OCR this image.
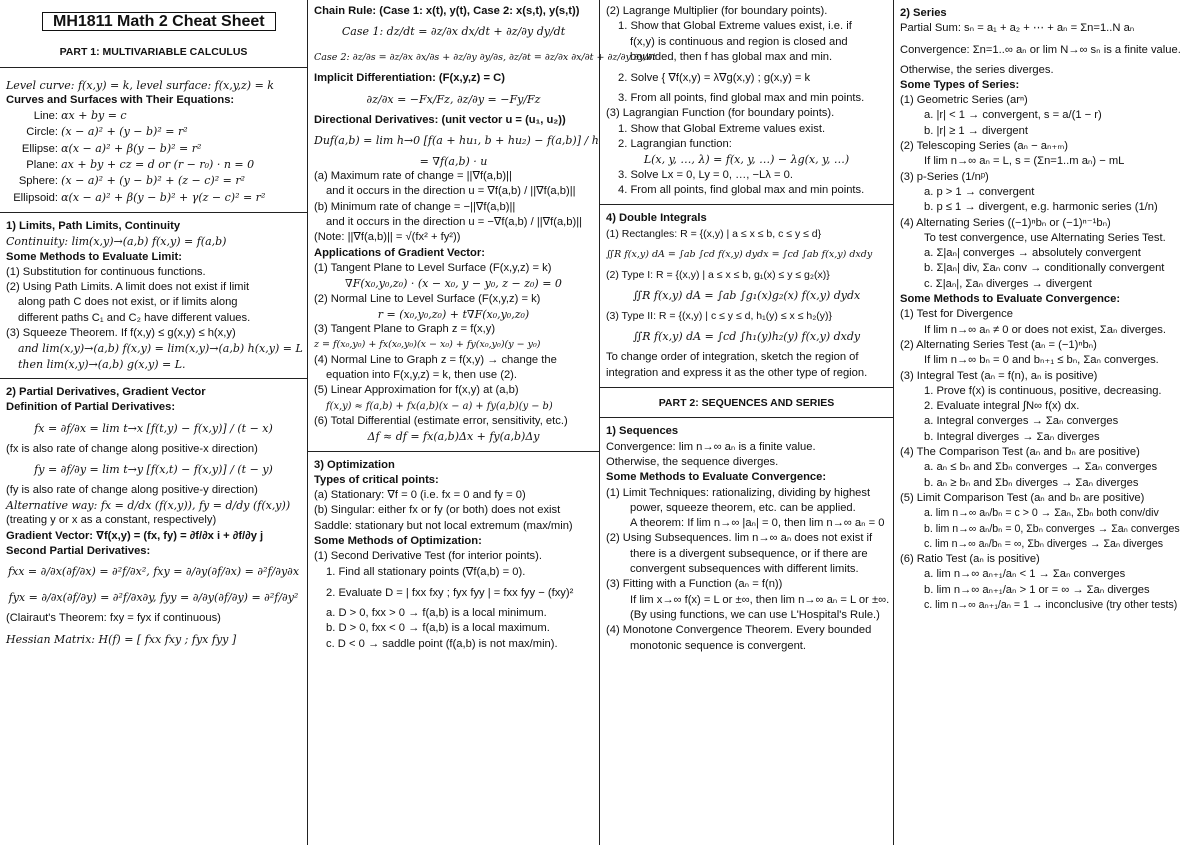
MH1811 Math 2 Cheat Sheet
PART 1: MULTIVARIABLE CALCULUS
Level curve: f(x,y) = k, level surface: f(x,y,z) = k
Curves and Surfaces with Their Equations:
Line: αx + by = c
Circle: (x − a)² + (y − b)² = r²
Ellipse: α(x − a)² + β(y − b)² = r²
Plane: ax + by + cz = d or (r − r₀) · n = 0
Sphere: (x − a)² + (y − b)² + (z − c)² = r²
Ellipsoid: α(x − a)² + β(y − b)² + γ(z − c)² = r²
1) Limits, Path Limits, Continuity
Continuity: lim(x,y)→(a,b) f(x,y) = f(a,b)
Some Methods to Evaluate Limit:
(1) Substitution for continuous functions.
(2) Using Path Limits. A limit does not exist if limit
along path C does not exist, or if limits along
different paths C₁ and C₂ have different values.
(3) Squeeze Theorem. If f(x,y) ≤ g(x,y) ≤ h(x,y)
and lim(x,y)→(a,b) f(x,y) = lim(x,y)→(a,b) h(x,y) = L
then lim(x,y)→(a,b) g(x,y) = L.
2) Partial Derivatives, Gradient Vector
Definition of Partial Derivatives:
fx = ∂f/∂x = lim t→x [f(t,y) − f(x,y)] / (t − x)
(fx is also rate of change along positive-x direction)
fy = ∂f/∂y = lim t→y [f(x,t) − f(x,y)] / (t − y)
(fy is also rate of change along positive-y direction)
Alternative way: fx = d/dx (f(x,y)), fy = d/dy (f(x,y))
(treating y or x as a constant, respectively)
Gradient Vector: ∇f(x,y) = (fx, fy) = ∂f/∂x i + ∂f/∂y j
Second Partial Derivatives:
fxx = ∂/∂x(∂f/∂x) = ∂²f/∂x², fxy = ∂/∂y(∂f/∂x) = ∂²f/∂y∂x
fyx = ∂/∂x(∂f/∂y) = ∂²f/∂x∂y, fyy = ∂/∂y(∂f/∂y) = ∂²f/∂y²
(Clairaut's Theorem: fxy = fyx if continuous)
Hessian Matrix: H(f) = [ fxx fxy ; fyx fyy ]
Chain Rule: (Case 1: x(t), y(t), Case 2: x(s,t), y(s,t))
Case 1: dz/dt = ∂z/∂x dx/dt + ∂z/∂y dy/dt
Case 2: ∂z/∂s = ∂z/∂x ∂x/∂s + ∂z/∂y ∂y/∂s, ∂z/∂t = ∂z/∂x ∂x/∂t + ∂z/∂y ∂y/∂t
Implicit Differentiation: (F(x,y,z) = C)
∂z/∂x = −Fx/Fz, ∂z/∂y = −Fy/Fz
Directional Derivatives: (unit vector u = (u₁, u₂))
Duf(a,b) = lim h→0 [f(a + hu₁, b + hu₂) − f(a,b)] / h
= ∇f(a,b) · u
(a) Maximum rate of change = ||∇f(a,b)||
and it occurs in the direction u = ∇f(a,b) / ||∇f(a,b)||
(b) Minimum rate of change = −||∇f(a,b)||
and it occurs in the direction u = −∇f(a,b) / ||∇f(a,b)||
(Note: ||∇f(a,b)|| = √(fx² + fy²))
Applications of Gradient Vector:
(1) Tangent Plane to Level Surface (F(x,y,z) = k)
∇F(x₀,y₀,z₀) · (x − x₀, y − y₀, z − z₀) = 0
(2) Normal Line to Level Surface (F(x,y,z) = k)
r = (x₀,y₀,z₀) + t∇F(x₀,y₀,z₀)
(3) Tangent Plane to Graph z = f(x,y)
z = f(x₀,y₀) + fx(x₀,y₀)(x − x₀) + fy(x₀,y₀)(y − y₀)
(4) Normal Line to Graph z = f(x,y) → change the
equation into F(x,y,z) = k, then use (2).
(5) Linear Approximation for f(x,y) at (a,b)
f(x,y) ≈ f(a,b) + fx(a,b)(x − a) + fy(a,b)(y − b)
(6) Total Differential (estimate error, sensitivity, etc.)
Δf ≈ df = fx(a,b)Δx + fy(a,b)Δy
3) Optimization
Types of critical points:
(a) Stationary: ∇f = 0 (i.e. fx = 0 and fy = 0)
(b) Singular: either fx or fy (or both) does not exist
Saddle: stationary but not local extremum (max/min)
Some Methods of Optimization:
(1) Second Derivative Test (for interior points).
1. Find all stationary points (∇f(a,b) = 0).
2. Evaluate D = | fxx fxy ; fyx fyy | = fxx fyy − (fxy)²
a. D > 0, fxx > 0 → f(a,b) is a local minimum.
b. D > 0, fxx < 0 → f(a,b) is a local maximum.
c. D < 0 → saddle point (f(a,b) is not max/min).
(2) Lagrange Multiplier (for boundary points).
1. Show that Global Extreme values exist, i.e. if
f(x,y) is continuous and region is closed and
bounded, then f has global max and min.
2. Solve { ∇f(x,y) = λ∇g(x,y) ; g(x,y) = k
3. From all points, find global max and min points.
(3) Lagrangian Function (for boundary points).
1. Show that Global Extreme values exist.
2. Lagrangian function:
L(x, y, …, λ) = f(x, y, …) − λg(x, y, …)
3. Solve Lx = 0, Ly = 0, …, −Lλ = 0.
4. From all points, find global max and min points.
4) Double Integrals
(1) Rectangles: R = {(x,y) | a ≤ x ≤ b, c ≤ y ≤ d}
∬R f(x,y) dA = ∫ab ∫cd f(x,y) dydx = ∫cd ∫ab f(x,y) dxdy
(2) Type I: R = {(x,y) | a ≤ x ≤ b, g₁(x) ≤ y ≤ g₂(x)}
∬R f(x,y) dA = ∫ab ∫g₁(x)g₂(x) f(x,y) dydx
(3) Type II: R = {(x,y) | c ≤ y ≤ d, h₁(y) ≤ x ≤ h₂(y)}
∬R f(x,y) dA = ∫cd ∫h₁(y)h₂(y) f(x,y) dxdy
To change order of integration, sketch the region of
integration and express it as the other type of region.
PART 2: SEQUENCES AND SERIES
1) Sequences
Convergence: lim n→∞ aₙ is a finite value.
Otherwise, the sequence diverges.
Some Methods to Evaluate Convergence:
(1) Limit Techniques: rationalizing, dividing by highest
power, squeeze theorem, etc. can be applied.
A theorem: If lim n→∞ |aₙ| = 0, then lim n→∞ aₙ = 0
(2) Using Subsequences. lim n→∞ aₙ does not exist if
there is a divergent subsequence, or if there are
convergent subsequences with different limits.
(3) Fitting with a Function (aₙ = f(n))
If lim x→∞ f(x) = L or ±∞, then lim n→∞ aₙ = L or ±∞.
(By using functions, we can use L'Hospital's Rule.)
(4) Monotone Convergence Theorem. Every bounded
monotonic sequence is convergent.
2) Series
Partial Sum: sₙ = a₁ + a₂ + ⋯ + aₙ = Σn=1..N aₙ
Convergence: Σn=1..∞ aₙ or lim N→∞ sₙ is a finite value.
Otherwise, the series diverges.
Some Types of Series:
(1) Geometric Series (arⁿ)
a. |r| < 1 → convergent, s = a/(1 − r)
b. |r| ≥ 1 → divergent
(2) Telescoping Series (aₙ − aₙ₊ₘ)
If lim n→∞ aₙ = L, s = (Σn=1..m aₙ) − mL
(3) p-Series (1/nᵖ)
a. p > 1 → convergent
b. p ≤ 1 → divergent, e.g. harmonic series (1/n)
(4) Alternating Series ((−1)ⁿbₙ or (−1)ⁿ⁻¹bₙ)
To test convergence, use Alternating Series Test.
a. Σ|aₙ| converges → absolutely convergent
b. Σ|aₙ| div, Σaₙ conv → conditionally convergent
c. Σ|aₙ|, Σaₙ diverges → divergent
Some Methods to Evaluate Convergence:
(1) Test for Divergence
If lim n→∞ aₙ ≠ 0 or does not exist, Σaₙ diverges.
(2) Alternating Series Test (aₙ = (−1)ⁿbₙ)
If lim n→∞ bₙ = 0 and bₙ₊₁ ≤ bₙ, Σaₙ converges.
(3) Integral Test (aₙ = f(n), aₙ is positive)
1. Prove f(x) is continuous, positive, decreasing.
2. Evaluate integral ∫N∞ f(x) dx.
a. Integral converges → Σaₙ converges
b. Integral diverges → Σaₙ diverges
(4) The Comparison Test (aₙ and bₙ are positive)
a. aₙ ≤ bₙ and Σbₙ converges → Σaₙ converges
b. aₙ ≥ bₙ and Σbₙ diverges → Σaₙ diverges
(5) Limit Comparison Test (aₙ and bₙ are positive)
a. lim n→∞ aₙ/bₙ = c > 0 → Σaₙ, Σbₙ both conv/div
b. lim n→∞ aₙ/bₙ = 0, Σbₙ converges → Σaₙ converges
c. lim n→∞ aₙ/bₙ = ∞, Σbₙ diverges → Σaₙ diverges
(6) Ratio Test (aₙ is positive)
a. lim n→∞ aₙ₊₁/aₙ < 1 → Σaₙ converges
b. lim n→∞ aₙ₊₁/aₙ > 1 or = ∞ → Σaₙ diverges
c. lim n→∞ aₙ₊₁/aₙ = 1 → inconclusive (try other tests)
